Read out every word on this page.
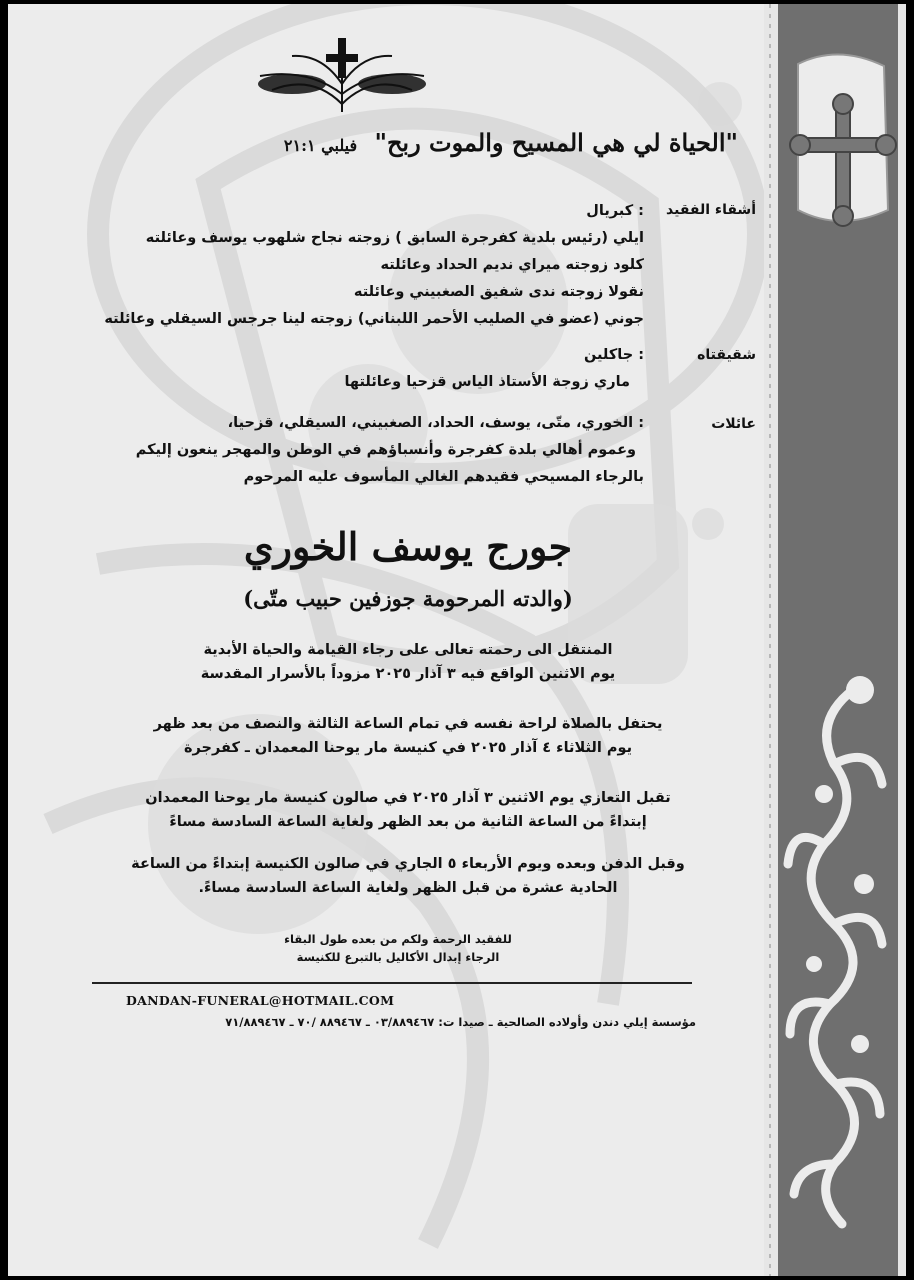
"الحياة لي هي المسيح والموت ربح" فيلبي ٢١:١
أشقاء الفقيد
: كبريال
ايلي (رئيس بلدية كفرجرة السابق ) زوجته نجاح شلهوب يوسف وعائلته
كلود زوجته ميراي نديم الحداد وعائلته
نقولا زوجته ندى شفيق الصغبيني وعائلته
جوني (عضو في الصليب الأحمر اللبناني) زوجته لينا جرجس السيقلي وعائلته
شقيقتاه
: جاكلين
ماري زوجة الأستاذ الياس قزحيا وعائلتها
عائلات
: الخوري، متّى، يوسف، الحداد، الصغبيني، السيقلي، قزحيا،
وعموم أهالي بلدة كفرجرة وأنسباؤهم في الوطن والمهجر ينعون إليكم
بالرجاء المسيحي فقيدهم الغالي المأسوف عليه المرحوم
جورج يوسف الخوري
(والدته المرحومة جوزفين حبيب متّى)
المنتقل الى رحمته تعالى على رجاء القيامة والحياة الأبدية
يوم الاثنين الواقع فيه ٣ آذار ٢٠٢٥ مزوداً بالأسرار المقدسة
يحتفل بالصلاة لراحة نفسه في تمام الساعة الثالثة والنصف من بعد ظهر
يوم الثلاثاء ٤ آذار ٢٠٢٥ في كنيسة مار يوحنا المعمدان ـ كفرجرة
تقبل التعازي يوم الاثنين ٣ آذار ٢٠٢٥ في صالون كنيسة مار يوحنا المعمدان
إبتداءً من الساعة الثانية من بعد الظهر ولغاية الساعة السادسة مساءً
وقبل الدفن وبعده ويوم الأربعاء ٥ الجاري في صالون الكنيسة إبتداءً من الساعة
الحادية عشرة من قبل الظهر ولغاية الساعة السادسة مساءً.
للفقيد الرحمة ولكم من بعده طول البقاء
الرجاء إبدال الأكاليل بالتبرع للكنيسة
DANDAN-FUNERAL@HOTMAIL.COM
مؤسسة إيلي دندن وأولاده الصالحية ـ صيدا ت: ٠٣/٨٨٩٤٦٧ ـ ٨٨٩٤٦٧ /٧٠ ـ ٧١/٨٨٩٤٦٧
